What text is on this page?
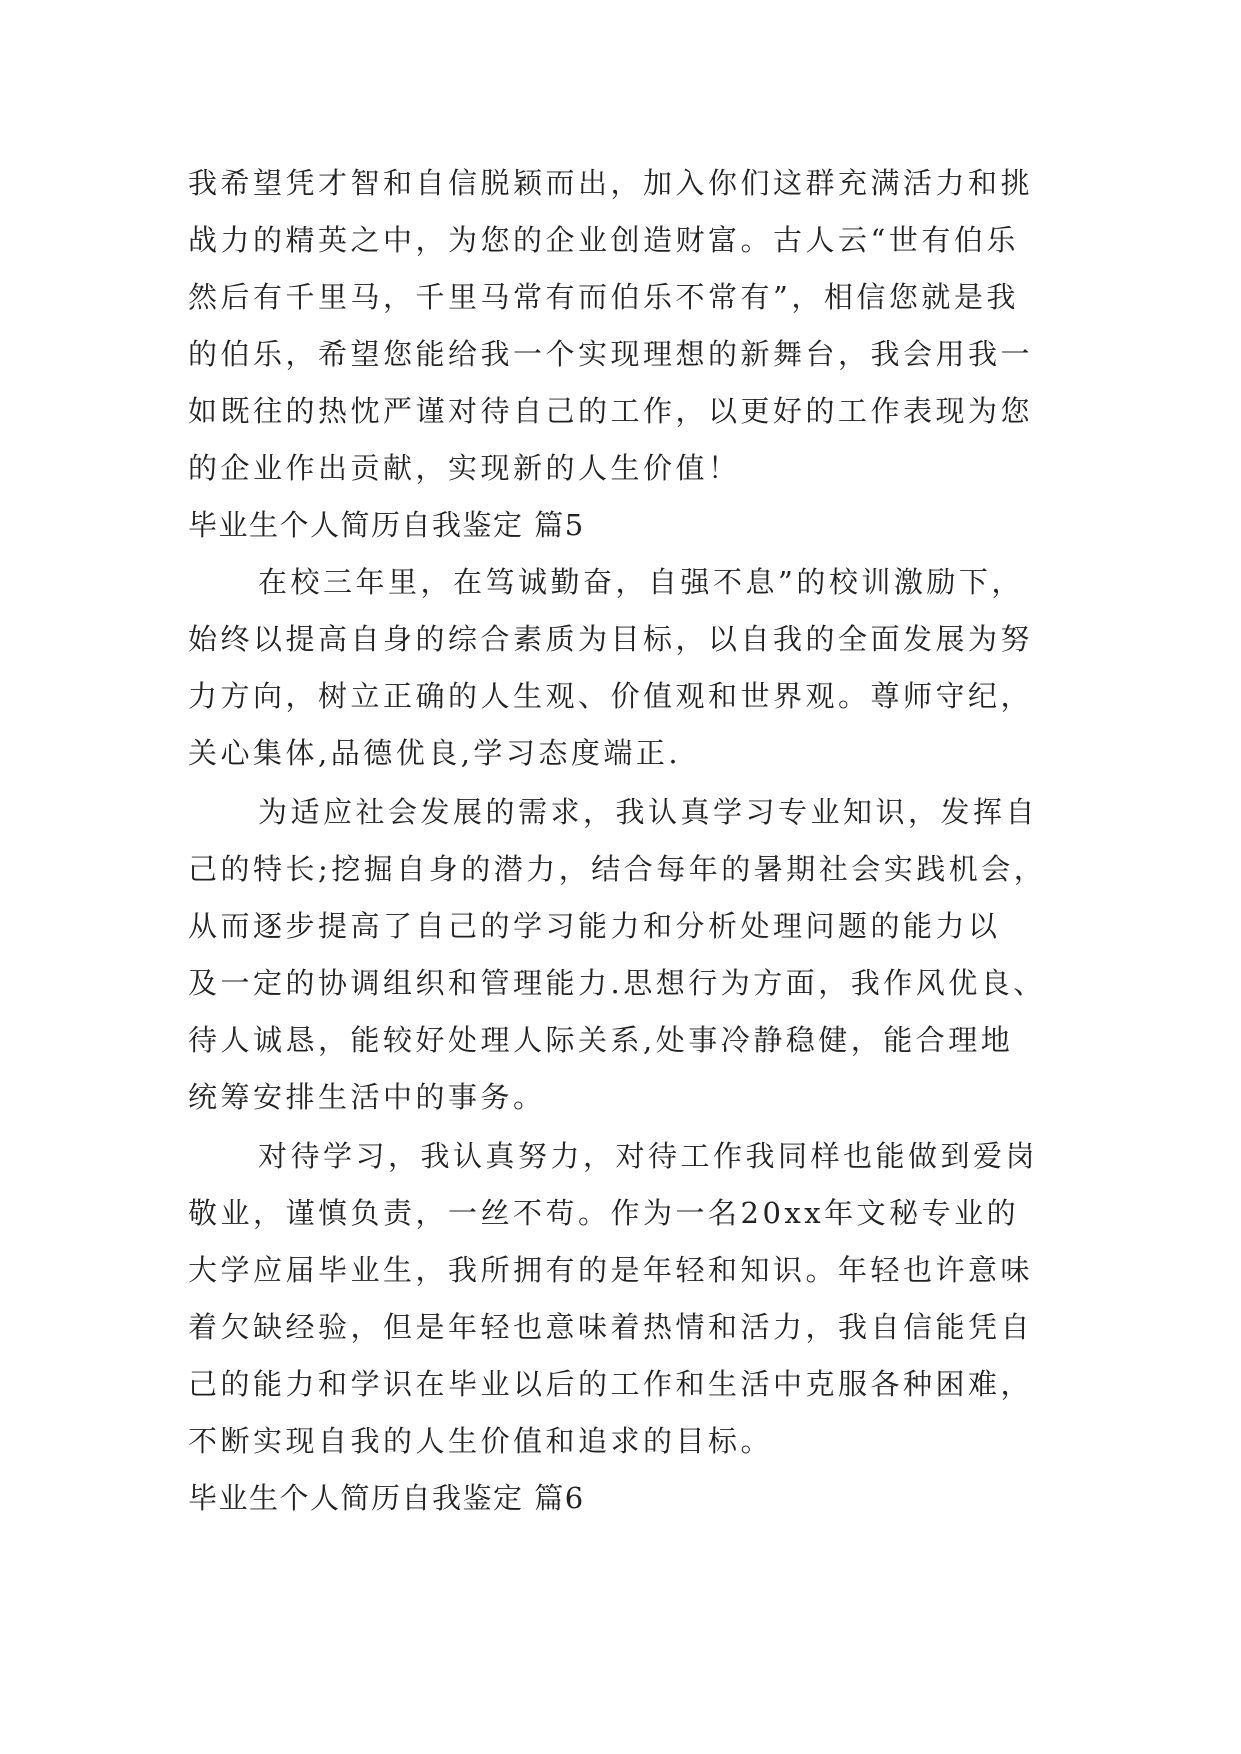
我希望凭才智和自信脱颖而出，加入你们这群充满活力和挑
战力的精英之中，为您的企业创造财富。古人云“世有伯乐
然后有千里马，千里马常有而伯乐不常有”，相信您就是我
的伯乐，希望您能给我一个实现理想的新舞台，我会用我一
如既往的热忱严谨对待自己的工作，以更好的工作表现为您
的企业作出贡献，实现新的人生价值！
毕业生个人简历自我鉴定 篇5
在校三年里，在笃诚勤奋，自强不息”的校训激励下，
始终以提高自身的综合素质为目标，以自我的全面发展为努
力方向，树立正确的人生观、价值观和世界观。尊师守纪，
关心集体,品德优良,学习态度端正.
为适应社会发展的需求，我认真学习专业知识，发挥自
己的特长;挖掘自身的潜力，结合每年的暑期社会实践机会，
从而逐步提高了自己的学习能力和分析处理问题的能力以
及一定的协调组织和管理能力.思想行为方面，我作风优良、
待人诚恳，能较好处理人际关系,处事冷静稳健，能合理地
统筹安排生活中的事务。
对待学习，我认真努力，对待工作我同样也能做到爱岗
敬业，谨慎负责，一丝不苟。作为一名20xx年文秘专业的
大学应届毕业生，我所拥有的是年轻和知识。年轻也许意味
着欠缺经验，但是年轻也意味着热情和活力，我自信能凭自
己的能力和学识在毕业以后的工作和生活中克服各种困难，
不断实现自我的人生价值和追求的目标。
毕业生个人简历自我鉴定 篇6
